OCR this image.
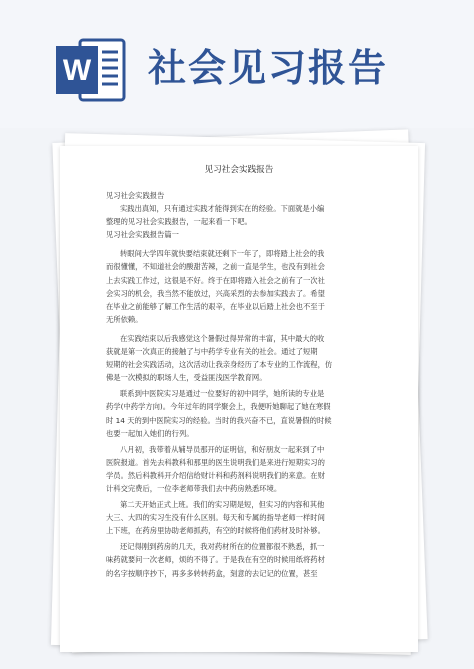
W 社会见习报告
见习社会实践报告
见习社会实践报告
实践出真知，只有通过实践才能得到实在的经验。下面就是小编
整理的见习社会实践报告，一起来看一下吧。
见习社会实践报告篇一
转眼间大学四年就快要结束就还剩下一年了，即将踏上社会的我
而很懂懂，不知道社会的酸甜苦辣，之前一直是学生，也没有到社会
上去实践工作过，这很是不好。终于在即将踏入社会之前有了一次社
会实习的机会，我当然不能放过，兴高采烈的去参加实践去了。希望
在毕业之前能够了解工作生活的艰辛，在毕业以后踏上社会也不至于
无所依赖。
在实践结束以后我感觉这个暑假过得异常的丰富，其中最大的收
获就是第一次真正的接触了与中药学专业有关的社会。通过了短期
短期的社会实践活动，这次活动让我亲身经历了本专业的工作流程，仿
佛是一次模拟的职场人生，受益匪浅医学教育网。
联系到中医院实习是通过一位要好的初中同学，她所读的专业是
药学(中药学方向)。今年过年的同学聚会上，我便听她聊起了她在寒假
时 14 天的到中医院实习的经验。当时的我兴奋不已，直说暑假的时候
也要一起加入她们的行列。
八月初，我带着从辅导员那开的证明信，和好朋友一起来到了中
医院报道。首先去科教科和那里的医生说明我们是来进行短期实习的
学员。然后科教科开介绍信给财计科和药剂科说明我们的来意。在财
计科交完费后，一位李老师带我们去中药房熟悉环境。
第二天开始正式上班。我们的实习期是短，但实习的内容和其他
大三、大四的实习生没有什么区别。每天和专属的指导老师一样时间
上下班，在药房里协助老师抓药，有空的时候将他们药材及时补够。
还记得刚到药房的几天，我对药材所在的位置都很不熟悉，抓一
味药就要问一次老师，烦的不得了。于是我在有空的时候用纸将药材
的名字按顺序抄下，再多多转转药盒，刻意的去记记的位置，甚至
